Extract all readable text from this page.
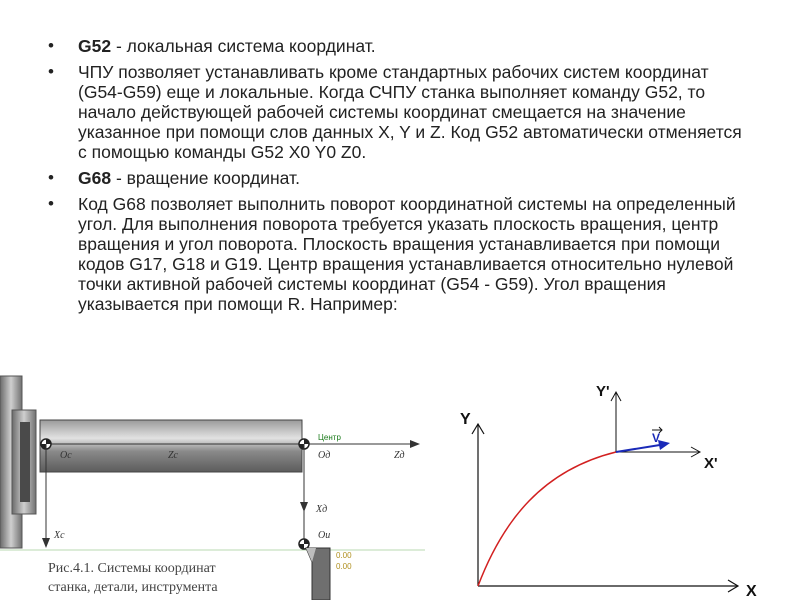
• G52 - локальная система координат.
• ЧПУ позволяет устанавливать кроме стандартных рабочих систем координат (G54-G59) еще и локальные. Когда СЧПУ станка выполняет команду G52, то начало действующей рабочей системы координат смещается на значение указанное при помощи слов данных X, Y и Z. Код G52 автоматически отменяется с помощью команды G52 X0 Y0 Z0.
• G68 - вращение координат.
• Код G68 позволяет выполнить поворот координатной системы на определенный угол. Для выполнения поворота требуется указать плоскость вращения, центр вращения и угол поворота. Плоскость вращения устанавливается при помощи кодов G17, G18 и G19. Центр вращения устанавливается относительно нулевой точки активной рабочей системы координат (G54 - G59). Угол вращения указывается при помощи R. Например:
Oc	Zc
Xc
Центр
Oд	Zд
Xд
Oи
0.00
0.00
Рис.4.1. Системы координат
станка, детали, инструмента
Y
X
Y'
X'
V
